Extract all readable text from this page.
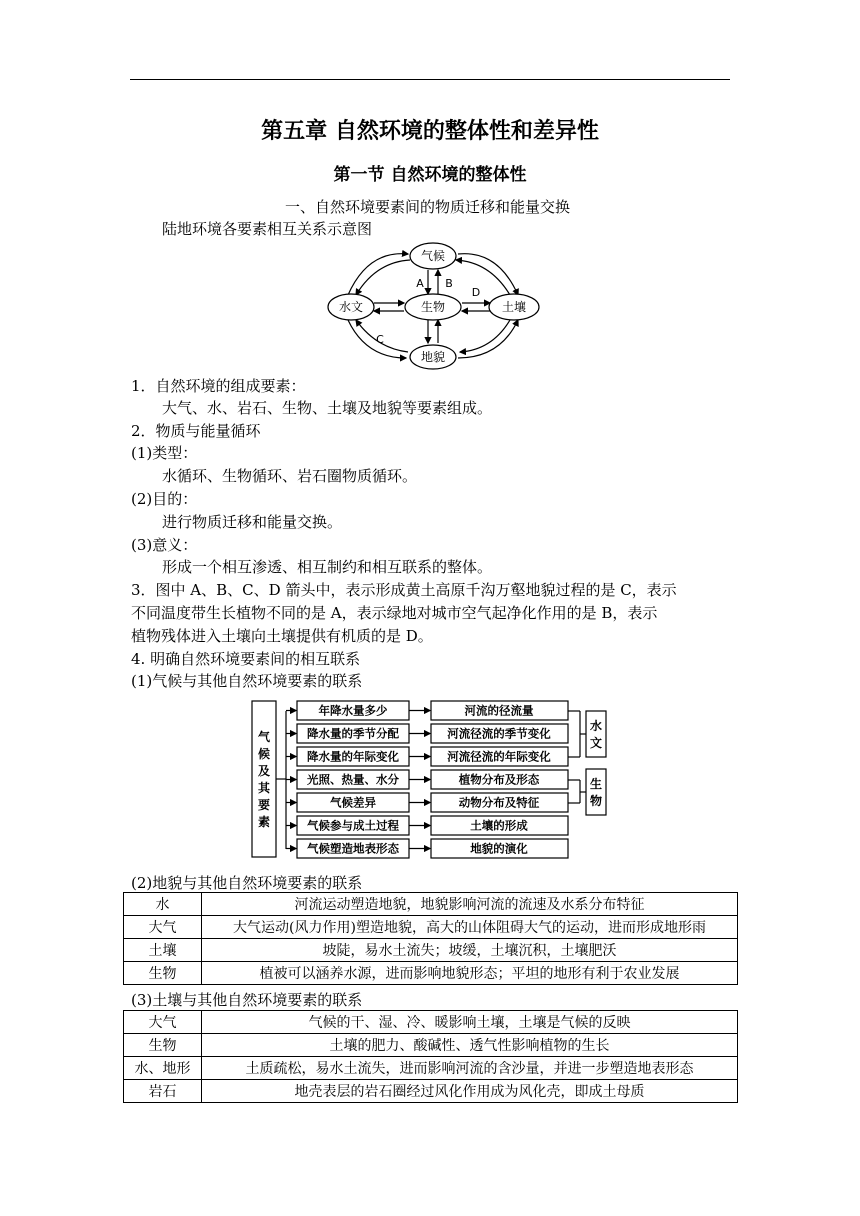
第五章 自然环境的整体性和差异性
第一节 自然环境的整体性
一、自然环境要素间的物质迁移和能量交换
陆地环境各要素相互关系示意图
气候
水文	生物	土壤
地貌
A B
C
D
1．自然环境的组成要素：
大气、水、岩石、生物、土壤及地貌等要素组成。
2．物质与能量循环
(1)类型：
水循环、生物循环、岩石圈物质循环。
(2)目的：
进行物质迁移和能量交换。
(3)意义：
形成一个相互渗透、相互制约和相互联系的整体。
3．图中 A、B、C、D 箭头中，表示形成黄土高原千沟万壑地貌过程的是 C，表示
不同温度带生长植物不同的是 A，表示绿地对城市空气起净化作用的是 B，表示
植物残体进入土壤向土壤提供有机质的是 D。
4. 明确自然环境要素间的相互联系
(1)气候与其他自然环境要素的联系
气
候
及
其
要
素
年降水量多少	河流的径流量
降水量的季节分配	河流径流的季节变化
降水量的年际变化	河流径流的年际变化
光照、热量、水分	植物分布及形态
气候差异	动物分布及特征
气候参与成土过程	土壤的形成
气候塑造地表形态	地貌的演化
水
文
生
物
(2)地貌与其他自然环境要素的联系
水	河流运动塑造地貌，地貌影响河流的流速及水系分布特征
大气	大气运动(风力作用)塑造地貌，高大的山体阻碍大气的运动，进而形成地形雨
土壤	坡陡，易水土流失；坡缓，土壤沉积，土壤肥沃
生物	植被可以涵养水源，进而影响地貌形态；平坦的地形有利于农业发展
(3)土壤与其他自然环境要素的联系
大气	气候的干、湿、冷、暖影响土壤，土壤是气候的反映
生物	土壤的肥力、酸碱性、透气性影响植物的生长
水、地形	土质疏松，易水土流失，进而影响河流的含沙量，并进一步塑造地表形态
岩石	地壳表层的岩石圈经过风化作用成为风化壳，即成土母质
